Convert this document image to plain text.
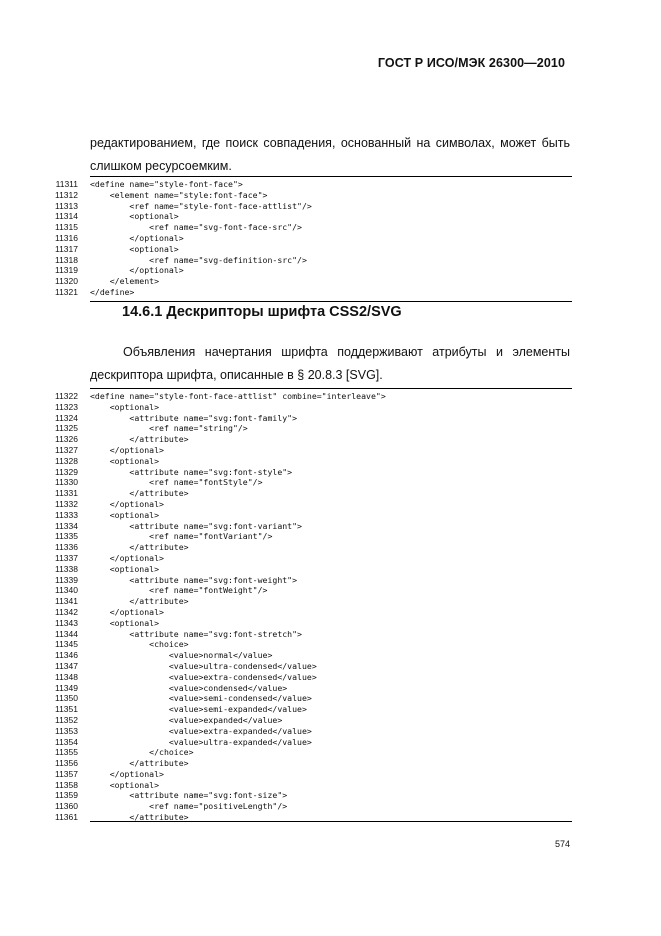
ГОСТ Р ИСО/МЭК 26300—2010
редактированием, где поиск совпадения, основанный на символах, может быть слишком ресурсоемким.
11311 <define name="style-font-face">
11312 <element name="style:font-face">
11313 <ref name="style-font-face-attlist"/>
11314 <optional>
11315 <ref name="svg-font-face-src"/>
11316 </optional>
11317 <optional>
11318 <ref name="svg-definition-src"/>
11319 </optional>
11320 </element>
11321 </define>
14.6.1 Дескрипторы шрифта CSS2/SVG
Объявления начертания шрифта поддерживают атрибуты и элементы дескриптора шрифта, описанные в § 20.8.3 [SVG].
11322 <define name="style-font-face-attlist" combine="interleave">
11323 <optional>
11324 <attribute name="svg:font-family">
11325 <ref name="string"/>
11326 </attribute>
11327 </optional>
11328 <optional>
11329 <attribute name="svg:font-style">
11330 <ref name="fontStyle"/>
11331 </attribute>
11332 </optional>
11333 <optional>
11334 <attribute name="svg:font-variant">
11335 <ref name="fontVariant"/>
11336 </attribute>
11337 </optional>
11338 <optional>
11339 <attribute name="svg:font-weight">
11340 <ref name="fontWeight"/>
11341 </attribute>
11342 </optional>
11343 <optional>
11344 <attribute name="svg:font-stretch">
11345 <choice>
11346 <value>normal</value>
11347 <value>ultra-condensed</value>
11348 <value>extra-condensed</value>
11349 <value>condensed</value>
11350 <value>semi-condensed</value>
11351 <value>semi-expanded</value>
11352 <value>expanded</value>
11353 <value>extra-expanded</value>
11354 <value>ultra-expanded</value>
11355 </choice>
11356 </attribute>
11357 </optional>
11358 <optional>
11359 <attribute name="svg:font-size">
11360 <ref name="positiveLength"/>
11361 </attribute>
574
